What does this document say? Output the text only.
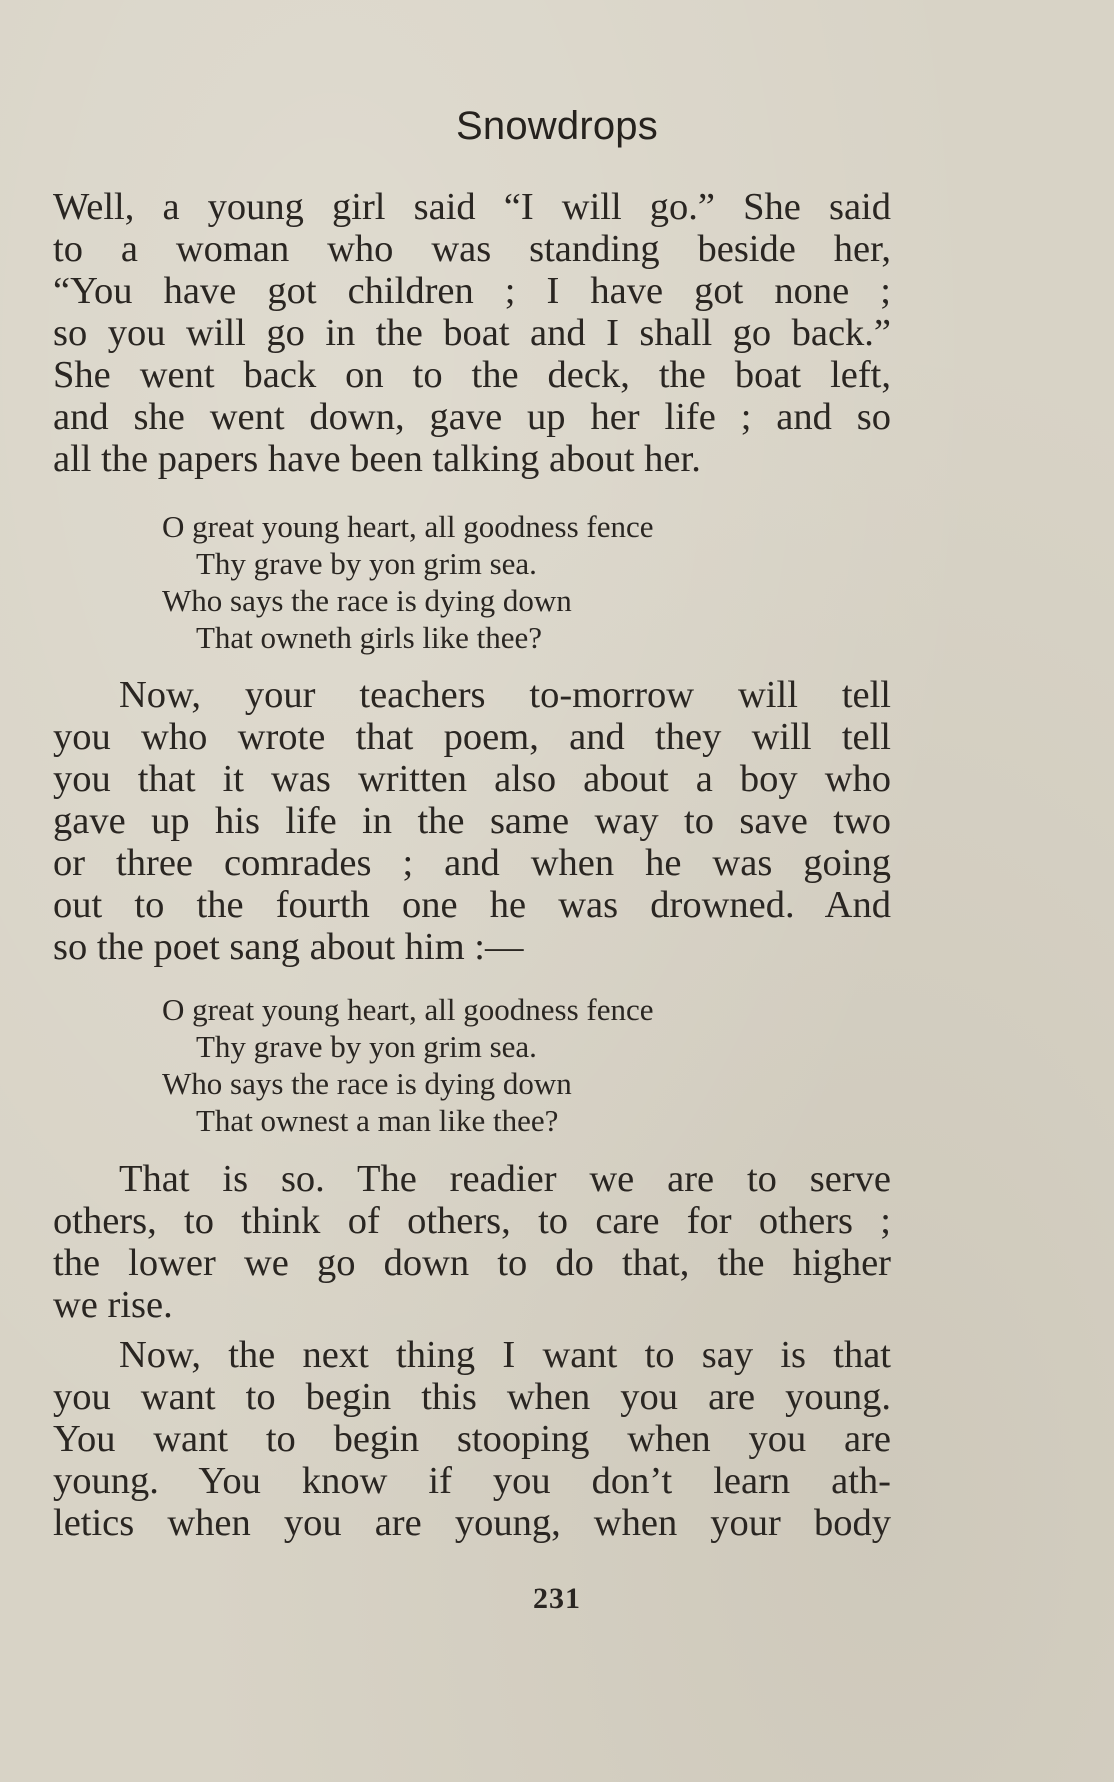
Snowdrops
Well, a young girl said “I will go.” She said
to a woman who was standing beside her,
“You have got children ; I have got none ;
so you will go in the boat and I shall go back.”
She went back on to the deck, the boat left,
and she went down, gave up her life ; and so
all the papers have been talking about her.
O great young heart, all goodness fence
Thy grave by yon grim sea.
Who says the race is dying down
That owneth girls like thee?
Now, your teachers to-morrow will tell
you who wrote that poem, and they will tell
you that it was written also about a boy who
gave up his life in the same way to save two
or three comrades ; and when he was going
out to the fourth one he was drowned. And
so the poet sang about him :—
O great young heart, all goodness fence
Thy grave by yon grim sea.
Who says the race is dying down
That ownest a man like thee?
That is so. The readier we are to serve
others, to think of others, to care for others ;
the lower we go down to do that, the higher
we rise.
Now, the next thing I want to say is that
you want to begin this when you are young.
You want to begin stooping when you are
young. You know if you don’t learn ath-
letics when you are young, when your body
231
